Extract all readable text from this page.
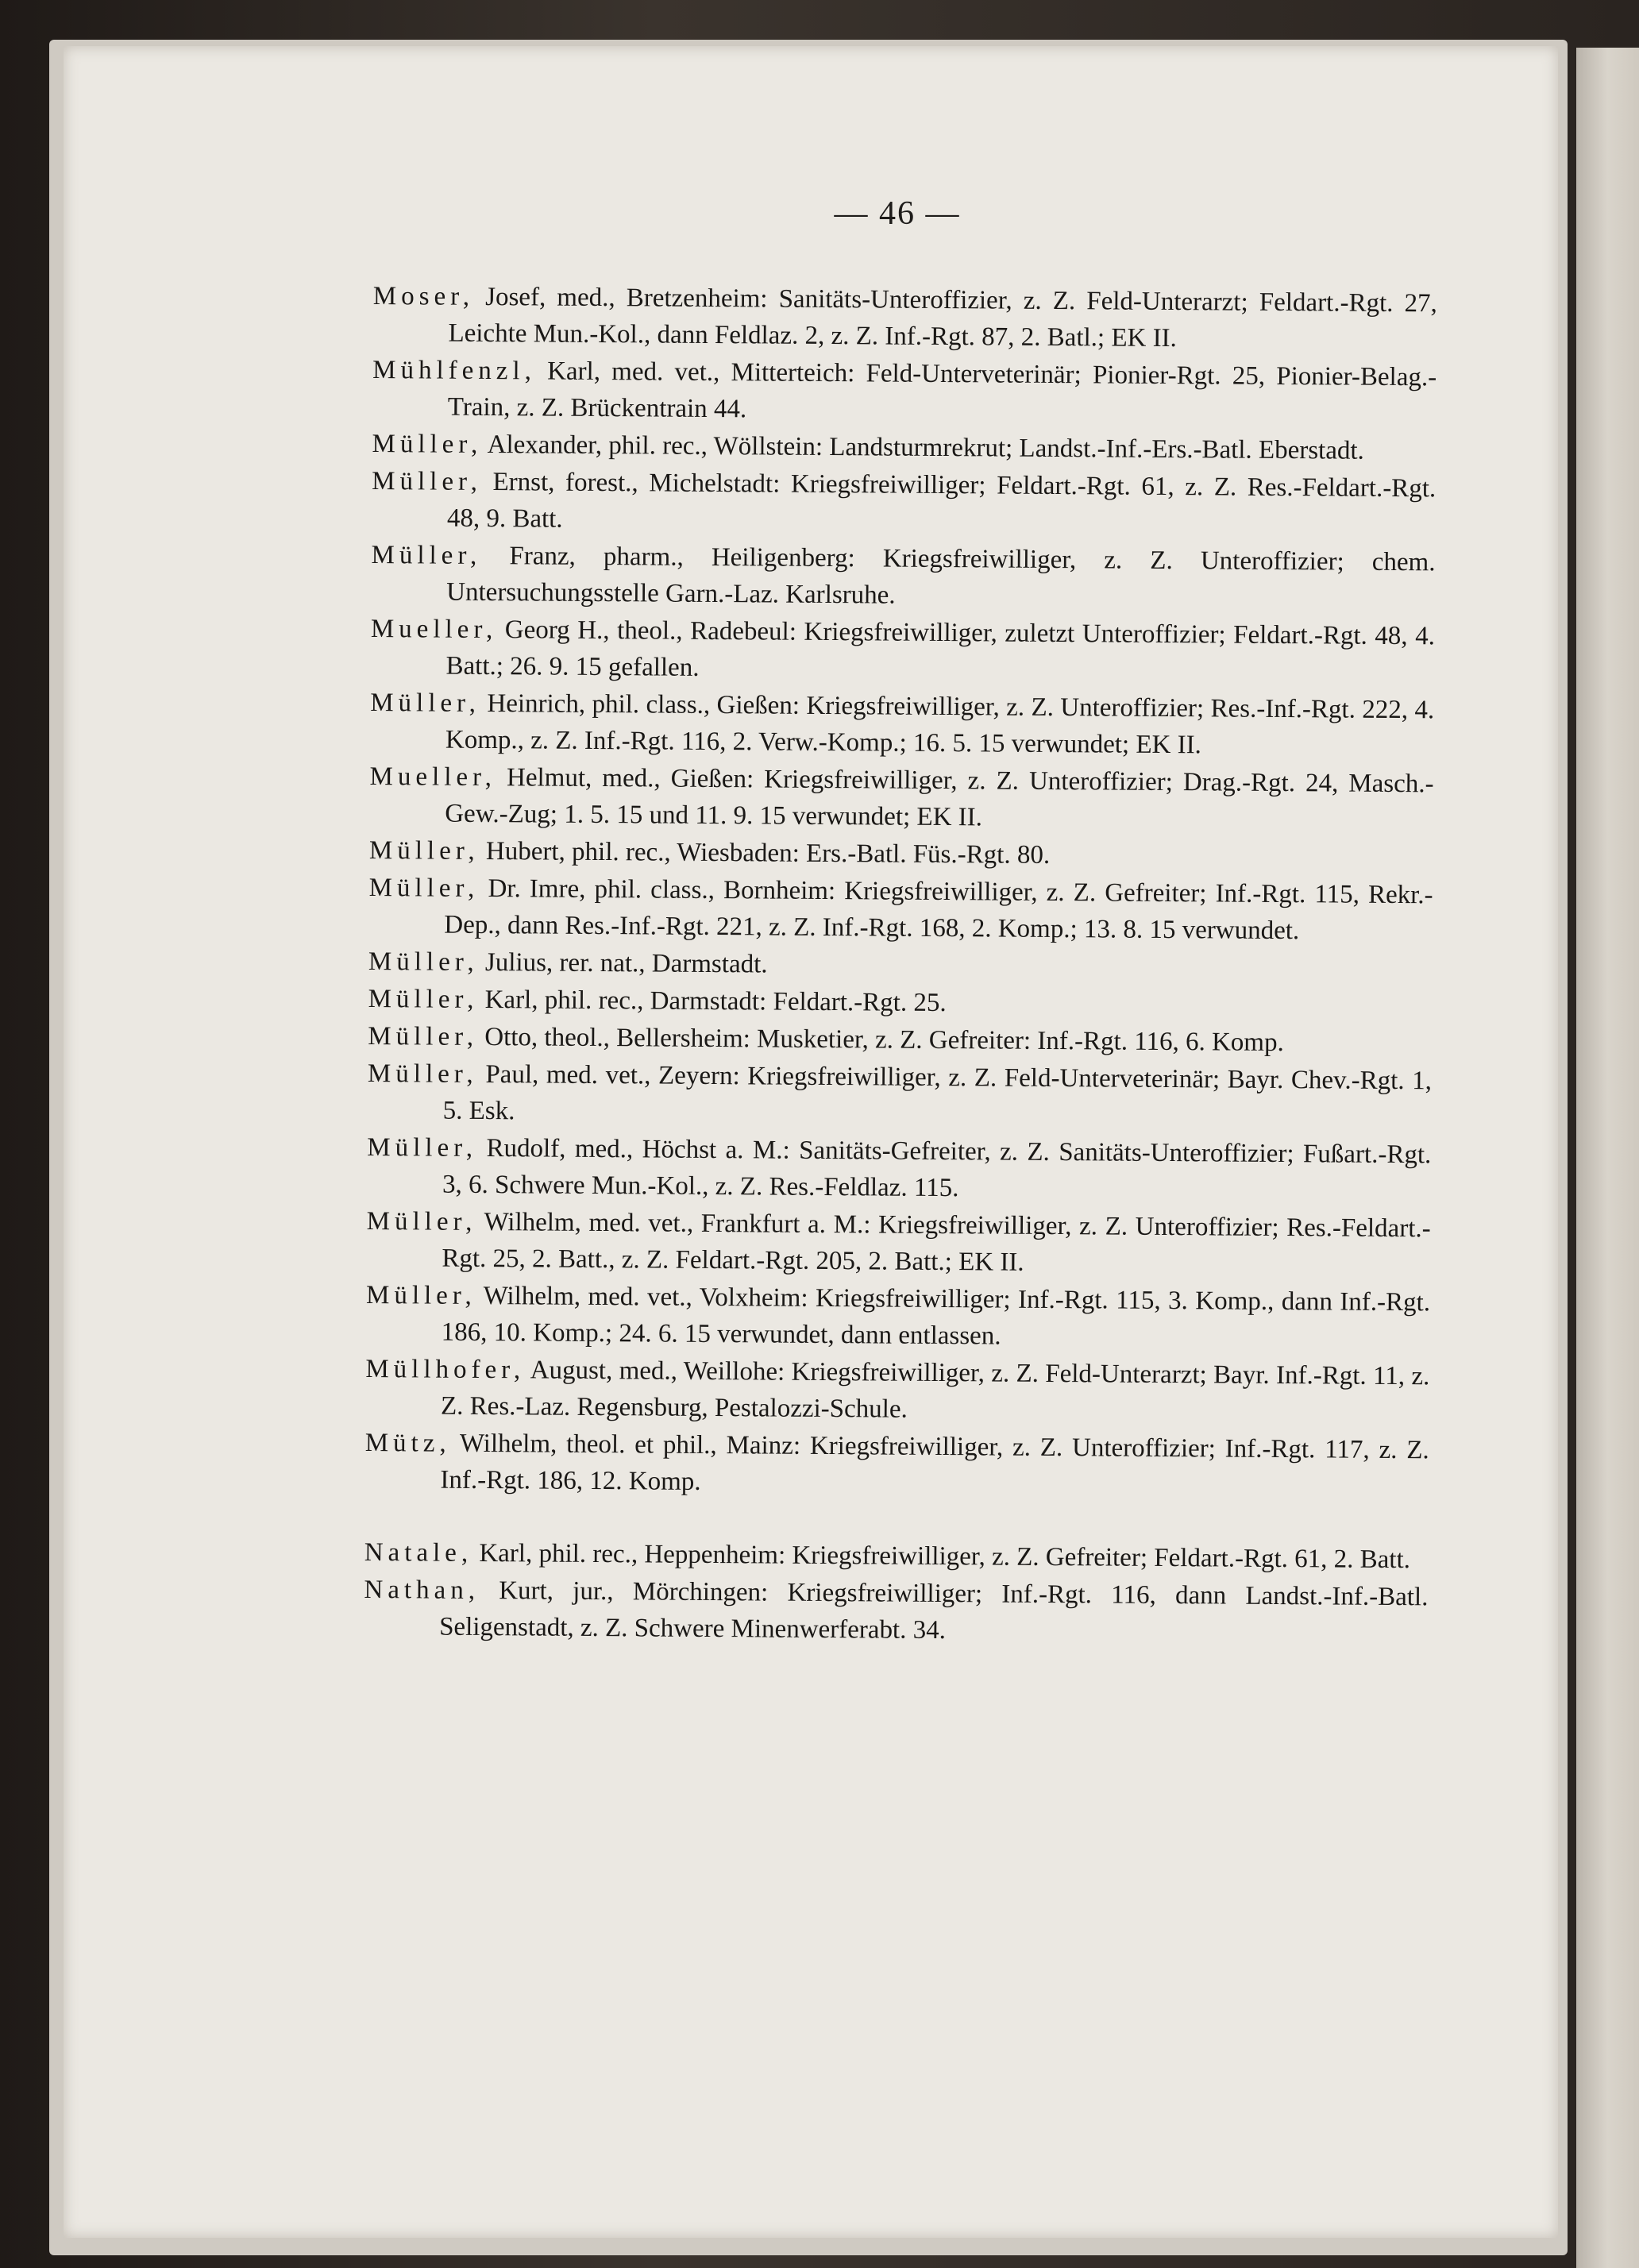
— 46 —

Moser, Josef, med., Bretzenheim: Sanitäts-Unteroffizier, z. Z. Feld-Unterarzt; Feldart.-Rgt. 27, Leichte Mun.-Kol., dann Feldlaz. 2, z. Z. Inf.-Rgt. 87, 2. Batl.; EK II.

Mühlfenzl, Karl, med. vet., Mitterteich: Feld-Unterveterinär; Pionier-Rgt. 25, Pionier-Belag.-Train, z. Z. Brückentrain 44.

Müller, Alexander, phil. rec., Wöllstein: Landsturmrekrut; Landst.-Inf.-Ers.-Batl. Eberstadt.

Müller, Ernst, forest., Michelstadt: Kriegsfreiwilliger; Feldart.-Rgt. 61, z. Z. Res.-Feldart.-Rgt. 48, 9. Batt.

Müller, Franz, pharm., Heiligenberg: Kriegsfreiwilliger, z. Z. Unteroffizier; chem. Untersuchungsstelle Garn.-Laz. Karlsruhe.

Mueller, Georg H., theol., Radebeul: Kriegsfreiwilliger, zuletzt Unteroffizier; Feldart.-Rgt. 48, 4. Batt.; 26. 9. 15 gefallen.

Müller, Heinrich, phil. class., Gießen: Kriegsfreiwilliger, z. Z. Unteroffizier; Res.-Inf.-Rgt. 222, 4. Komp., z. Z. Inf.-Rgt. 116, 2. Verw.-Komp.; 16. 5. 15 verwundet; EK II.

Mueller, Helmut, med., Gießen: Kriegsfreiwilliger, z. Z. Unteroffizier; Drag.-Rgt. 24, Masch.-Gew.-Zug; 1. 5. 15 und 11. 9. 15 verwundet; EK II.

Müller, Hubert, phil. rec., Wiesbaden: Ers.-Batl. Füs.-Rgt. 80.

Müller, Dr. Imre, phil. class., Bornheim: Kriegsfreiwilliger, z. Z. Gefreiter; Inf.-Rgt. 115, Rekr.-Dep., dann Res.-Inf.-Rgt. 221, z. Z. Inf.-Rgt. 168, 2. Komp.; 13. 8. 15 verwundet.

Müller, Julius, rer. nat., Darmstadt.

Müller, Karl, phil. rec., Darmstadt: Feldart.-Rgt. 25.

Müller, Otto, theol., Bellersheim: Musketier, z. Z. Gefreiter: Inf.-Rgt. 116, 6. Komp.

Müller, Paul, med. vet., Zeyern: Kriegsfreiwilliger, z. Z. Feld-Unterveterinär; Bayr. Chev.-Rgt. 1, 5. Esk.

Müller, Rudolf, med., Höchst a. M.: Sanitäts-Gefreiter, z. Z. Sanitäts-Unteroffizier; Fußart.-Rgt. 3, 6. Schwere Mun.-Kol., z. Z. Res.-Feldlaz. 115.

Müller, Wilhelm, med. vet., Frankfurt a. M.: Kriegsfreiwilliger, z. Z. Unteroffizier; Res.-Feldart.-Rgt. 25, 2. Batt., z. Z. Feldart.-Rgt. 205, 2. Batt.; EK II.

Müller, Wilhelm, med. vet., Volxheim: Kriegsfreiwilliger; Inf.-Rgt. 115, 3. Komp., dann Inf.-Rgt. 186, 10. Komp.; 24. 6. 15 verwundet, dann entlassen.

Müllhofer, August, med., Weillohe: Kriegsfreiwilliger, z. Z. Feld-Unterarzt; Bayr. Inf.-Rgt. 11, z. Z. Res.-Laz. Regensburg, Pestalozzi-Schule.

Mütz, Wilhelm, theol. et phil., Mainz: Kriegsfreiwilliger, z. Z. Unteroffizier; Inf.-Rgt. 117, z. Z. Inf.-Rgt. 186, 12. Komp.

Natale, Karl, phil. rec., Heppenheim: Kriegsfreiwilliger, z. Z. Gefreiter; Feldart.-Rgt. 61, 2. Batt.

Nathan, Kurt, jur., Mörchingen: Kriegsfreiwilliger; Inf.-Rgt. 116, dann Landst.-Inf.-Batl. Seligenstadt, z. Z. Schwere Minenwerferabt. 34.
